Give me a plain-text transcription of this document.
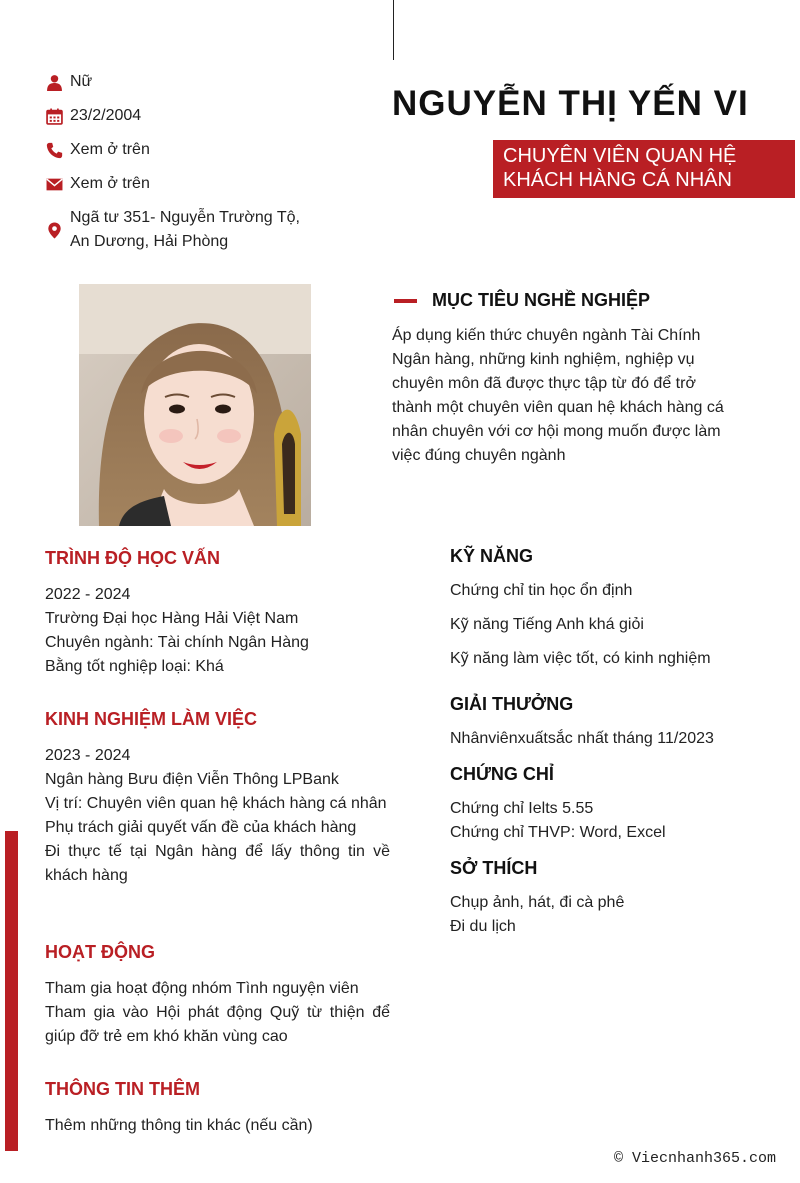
Nữ
23/2/2004
Xem ở trên
Xem ở trên
Ngã tư 351- Nguyễn Trường Tộ,
An Dương, Hải Phòng
NGUYỄN THỊ YẾN VI
CHUYÊN VIÊN QUAN HỆ
KHÁCH HÀNG CÁ NHÂN
MỤC TIÊU NGHỀ NGHIỆP
Áp dụng kiến thức chuyên ngành Tài Chính Ngân hàng, những kinh nghiệm, nghiệp vụ chuyên môn đã được thực tập từ đó để trở thành một chuyên viên quan hệ khách hàng cá nhân chuyên với cơ hội mong muốn được làm việc đúng chuyên ngành
TRÌNH ĐỘ HỌC VẤN
2022 - 2024
Trường Đại học Hàng Hải Việt Nam
Chuyên ngành: Tài chính Ngân Hàng
Bằng tốt nghiệp loại: Khá
KINH NGHIỆM LÀM VIỆC
2023 - 2024
Ngân hàng Bưu điện Viễn Thông LPBank
Vị trí: Chuyên viên quan hệ khách hàng cá nhân
Phụ trách giải quyết vấn đề của khách hàng
Đi thực tế tại Ngân hàng để lấy thông tin về khách hàng
HOẠT ĐỘNG
Tham gia hoạt động nhóm Tình nguyện viên
Tham gia vào Hội phát động Quỹ từ thiện để giúp đỡ trẻ em khó khăn vùng cao
THÔNG TIN THÊM
Thêm những thông tin khác (nếu cần)
KỸ NĂNG
Chứng chỉ tin học ổn định
Kỹ năng Tiếng Anh khá giỏi
Kỹ năng làm việc tốt, có kinh nghiệm
GIẢI THƯỞNG
Nhânviênxuấtsắc nhất tháng 11/2023
CHỨNG CHỈ
Chứng chỉ Ielts 5.55
Chứng chỉ THVP: Word, Excel
SỞ THÍCH
Chụp ảnh, hát, đi cà phê
Đi du lịch
© Viecnhanh365.com
